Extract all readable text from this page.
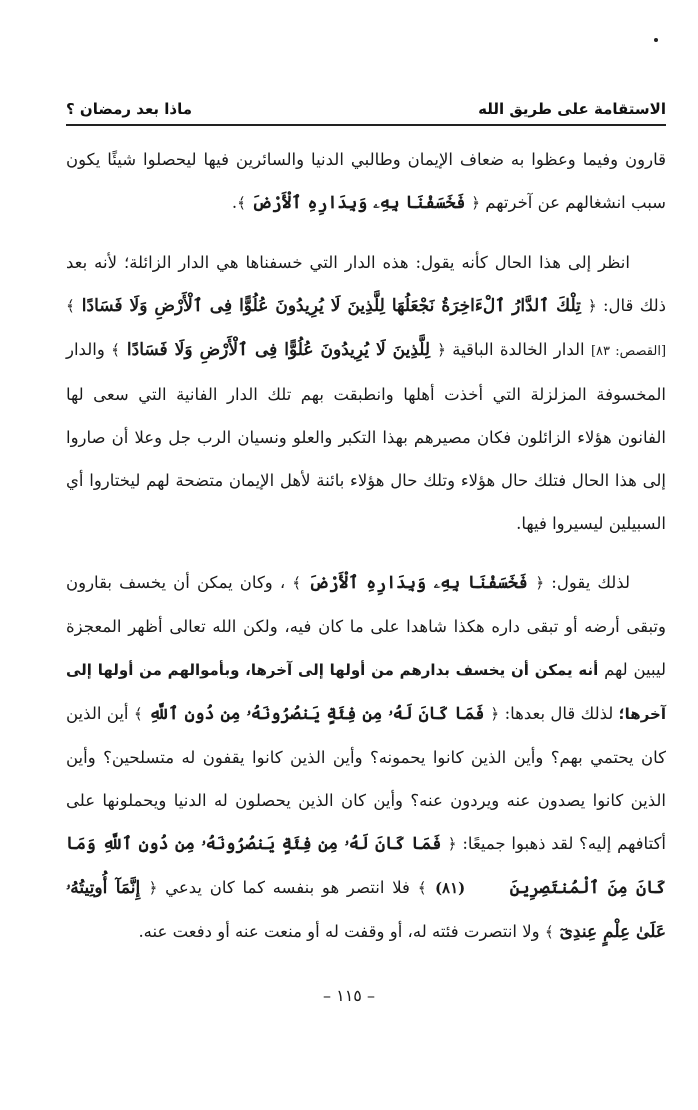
الاستقامة على طريق الله
ماذا بعد رمضان ؟

قارون وفيما وعظوا به ضعاف الإيمان وطالبي الدنيا والسائرين فيها ليحصلوا شيئًا يكون سبب انشغالهم عن آخرتهم ﴿ فَخَسَفْنَا بِهِۦ وَبِدَارِهِ ٱلْأَرْضَ ﴾.

انظر إلى هذا الحال كأنه يقول: هذه الدار التي خسفناها هي الدار الزائلة؛ لأنه بعد ذلك قال: ﴿ تِلْكَ ٱلدَّارُ ٱلْءَاخِرَةُ نَجْعَلُهَا لِلَّذِينَ لَا يُرِيدُونَ عُلُوًّا فِى ٱلْأَرْضِ وَلَا فَسَادًا ﴾ [القصص: ٨٣] الدار الخالدة الباقية ﴿ لِلَّذِينَ لَا يُرِيدُونَ عُلُوًّا فِى ٱلْأَرْضِ وَلَا فَسَادًا ﴾ والدار المخسوفة المزلزلة التي أخذت أهلها وانطبقت بهم تلك الدار الفانية التي سعى لها الفانون هؤلاء الزائلون فكان مصيرهم بهذا التكبر والعلو ونسيان الرب جل وعلا أن صاروا إلى هذا الحال فتلك حال هؤلاء وتلك حال هؤلاء بائنة لأهل الإيمان متضحة لهم ليختاروا أي السبيلين ليسيروا فيها.

لذلك يقول: ﴿ فَخَسَفْنَا بِهِۦ وَبِدَارِهِ ٱلْأَرْضَ ﴾ ، وكان يمكن أن يخسف بقارون وتبقى أرضه أو تبقى داره هكذا شاهدا على ما كان فيه، ولكن الله تعالى أظهر المعجزة ليبين لهم أنه يمكن أن يخسف بدارهم من أولها إلى آخرها، وبأموالهم من أولها إلى آخرها؛ لذلك قال بعدها: ﴿ فَمَا كَانَ لَهُۥ مِن فِئَةٍ يَنصُرُونَهُۥ مِن دُونِ ٱللَّهِ ﴾ أين الذين كان يحتمي بهم؟ وأين الذين كانوا يحمونه؟ وأين الذين كانوا يقفون له متسلحين؟ وأين الذين كانوا يصدون عنه ويردون عنه؟ وأين كان الذين يحصلون له الدنيا ويحملونها على أكتافهم إليه؟ لقد ذهبوا جميعًا: ﴿ فَمَا كَانَ لَهُۥ مِن فِئَةٍ يَنصُرُونَهُۥ مِن دُونِ ٱللَّهِ وَمَا كَانَ مِنَ ٱلْمُنتَصِرِينَ (٨١) ﴾ فلا انتصر هو بنفسه كما كان يدعي ﴿ إِنَّمَآ أُوتِيتُهُۥ عَلَىٰ عِلْمٍ عِندِىٓ ﴾ ولا انتصرت فئته له، أو وقفت له أو منعت عنه أو دفعت عنه.

– ١١٥ –
